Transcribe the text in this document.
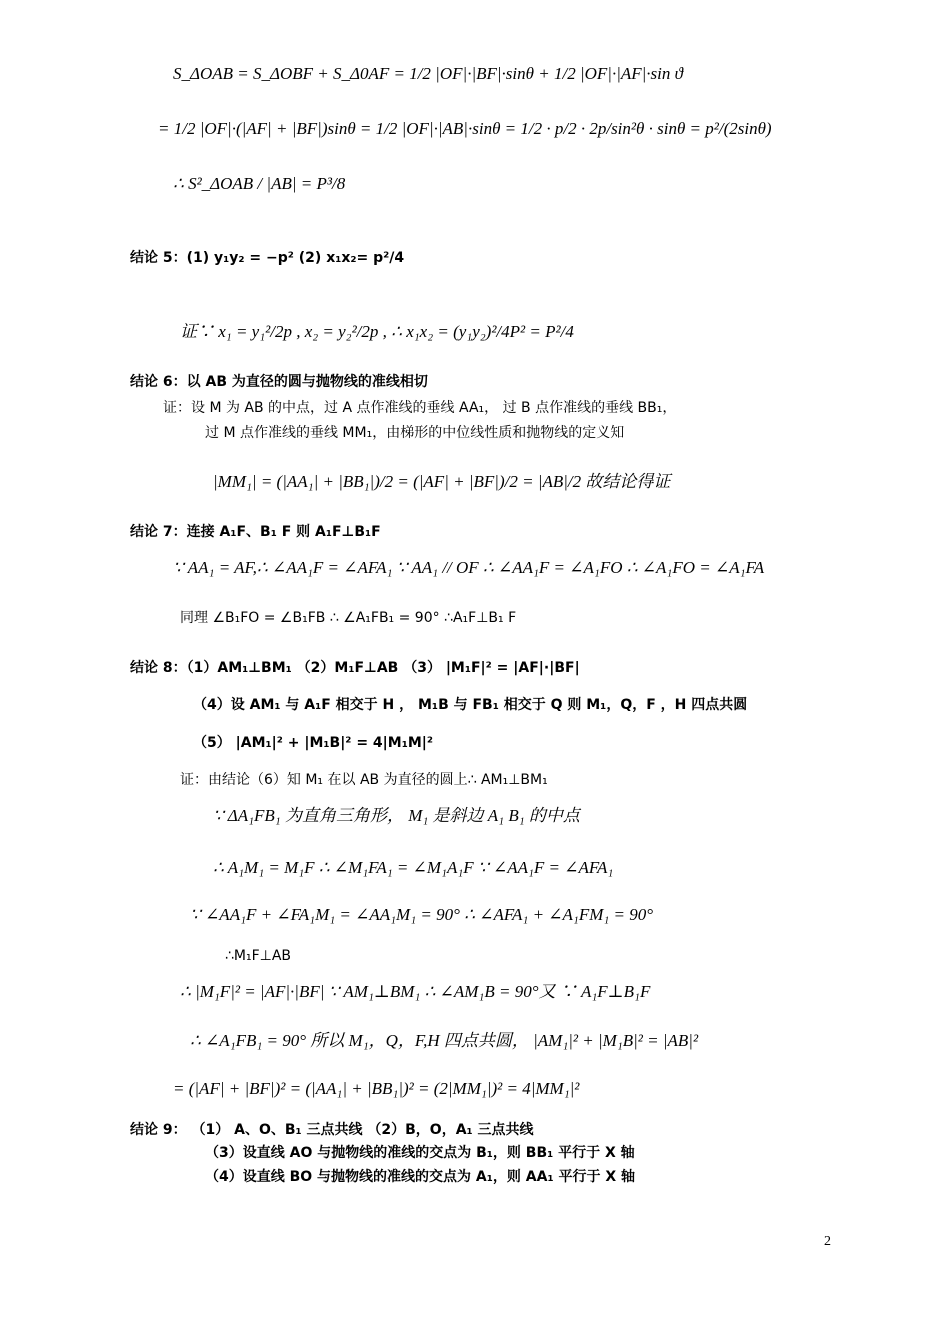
S_ΔOAB = S_ΔOBF + S_Δ0AF = 1/2 |OF|·|BF|·sinθ + 1/2 |OF|·|AF|·sin ϑ
= 1/2 |OF|·(|AF| + |BF|)sinθ = 1/2 |OF|·|AB|·sinθ = 1/2 · p/2 · 2p/sin²θ · sinθ = p²/(2sinθ)
∴ S²_ΔOAB / |AB| = P³/8
结论 5：(1) y₁y₂ = −p² (2) x₁x₂= p²/4
证∵ x₁ = y₁²/2p , x₂ = y₂²/2p , ∴ x₁x₂ = (y₁y₂)²/4P² = P²/4
结论 6：以 AB 为直径的圆与抛物线的准线相切
证：设 M 为 AB 的中点，过 A 点作准线的垂线 AA₁， 过 B 点作准线的垂线 BB₁，
过 M 点作准线的垂线 MM₁，由梯形的中位线性质和抛物线的定义知
|MM₁| = (|AA₁| + |BB₁|)/2 = (|AF| + |BF|)/2 = |AB|/2 故结论得证
结论 7：连接 A₁F、B₁ F 则 A₁F⊥B₁F
∵ AA₁ = AF,∴ ∠AA₁F = ∠AFA₁ ∵ AA₁ // OF ∴ ∠AA₁F = ∠A₁FO ∴ ∠A₁FO = ∠A₁FA
同理 ∠B₁FO = ∠B₁FB ∴ ∠A₁FB₁ = 90° ∴A₁F⊥B₁ F
结论 8：（1）AM₁⊥BM₁ （2）M₁F⊥AB （3） |M₁F|² = |AF|·|BF|
（4）设 AM₁ 与 A₁F 相交于 H ， M₁B 与 FB₁ 相交于 Q 则 M₁，Q，F ，H 四点共圆
（5） |AM₁|² + |M₁B|² = 4|M₁M|²
证：由结论（6）知 M₁ 在以 AB 为直径的圆上∴ AM₁⊥BM₁
∵ ΔA₁FB₁ 为直角三角形， M₁ 是斜边 A₁ B₁ 的中点
∴ A₁M₁ = M₁F ∴ ∠M₁FA₁ = ∠M₁A₁F ∵ ∠AA₁F = ∠AFA₁
∵ ∠AA₁F + ∠FA₁M₁ = ∠AA₁M₁ = 90° ∴ ∠AFA₁ + ∠A₁FM₁ = 90°
∴M₁F⊥AB
∴ |M₁F|² = |AF|·|BF| ∵ AM₁⊥BM₁ ∴ ∠AM₁B = 90°又 ∵ A₁F⊥B₁F
∴ ∠A₁FB₁ = 90° 所以 M₁，Q，F,H 四点共圆， |AM₁|² + |M₁B|² = |AB|²
= (|AF| + |BF|)² = (|AA₁| + |BB₁|)² = (2|MM₁|)² = 4|MM₁|²
结论 9： （1） A、O、B₁ 三点共线 （2）B，O，A₁ 三点共线
（3）设直线 AO 与抛物线的准线的交点为 B₁，则 BB₁ 平行于 X 轴
（4）设直线 BO 与抛物线的准线的交点为 A₁，则 AA₁ 平行于 X 轴
2
